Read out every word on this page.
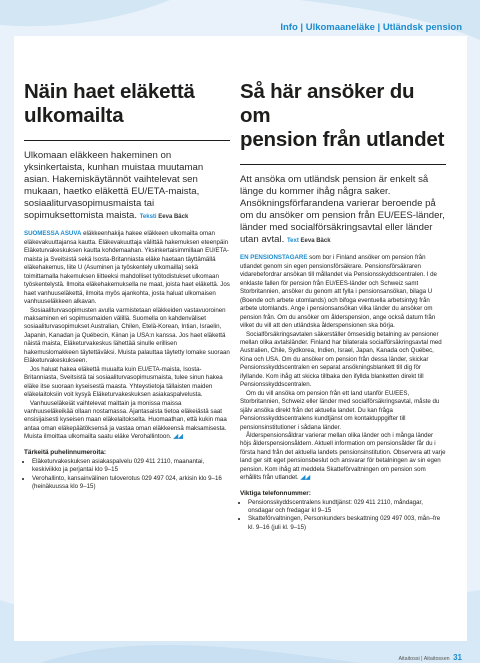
Info | Ulkomaaneläke | Utländsk pension
Näin haet eläkettä
ulkomailta

Ulkomaan eläkkeen hakeminen on yksinkertaista, kunhan muistaa muutaman asian. Hakemiskäytännöt vaihtelevat sen mukaan, haetko eläkettä EU/ETA-maista, sosiaaliturvasopimusmaista tai sopimuksettomista maista. Teksti Eeva Bäck

SUOMESSA ASUVA eläkkeenhakija hakee eläkkeen ulkomailta oman eläkevakuuttajansa kautta. Eläkevakuuttaja välittää hakemuksen eteenpäin Eläketurvakeskuksen kautta kohdemaahan. Yksinkertaisimmillaan EU/ETA-maista ja Sveitsistä sekä Isosta-Britanniasta eläke haetaan täyttämällä eläkehakemus, liite U (Asuminen ja työskentely ulkomailla) sekä toimittamalla hakemuksen liitteeksi mahdolliset työtodistukset ulkomaan työskentelystä. Ilmoita eläkehakemuksella ne maat, joista haet eläkettä. Jos haet vanhuuseläkettä, ilmoita myös ajankohta, josta haluat ulkomaisen vanhuuseläkkeen alkavan.

Sosiaaliturvasopimusten avulla varmistetaan eläkkeiden vastavuoroinen maksaminen eri sopimusmaiden välillä. Suomella on kahdenväliset sosiaaliturvasopimukset Australian, Chilen, Etelä-Korean, Intian, Israelin, Japanin, Kanadan ja Québecin, Kiinan ja USA:n kanssa. Jos haet eläkettä näistä maista, Eläketurvakeskus lähettää sinulle erillisen hakemuslomakkeen täytettäväksi. Muista palauttaa täytetty lomake suoraan Eläketurvakeskukseen.

Jos haluat hakea eläkettä muualta kuin EU/ETA-maista, Isosta-Britanniasta, Sveitsistä tai sosiaaliturvasopimusmaista, tulee sinun hakea eläke itse suoraan kyseisestä maasta. Yhteystietoja tällaisten maiden eläkelaitoksiin voit kysyä Eläketurvakeskuksen asiakaspalvelusta.

Vanhuuseläkeiät vaihtelevat maittain ja monissa maissa vanhuuseläkeikää ollaan nostamassa. Ajantasaista tietoa eläkeiästä saat ensisijaisesti kyseisen maan eläkelaitokselta. Huomaathan, että kukin maa antaa oman eläkepäätöksensä ja vastaa oman eläkkeensä maksamisesta. Muista ilmoittaa ulkomailta saatu eläke Verohallintoon. ◢◢

Tärkeitä puhelinnumeroita:
• Eläketurvakeskuksen asiakaspalvelu 029 411 2110, maanantai, keskiviikko ja perjantai klo 9–15
• Verohallinto, kansainvälinen tuloverotus 029 497 024, arkisin klo 9–16 (heinäkuussa klo 9–15)
Så här ansöker du om
pension från utlandet

Att ansöka om utländsk pension är enkelt så länge du kommer ihåg några saker. Ansökningsförfarandena varierar beroende på om du ansöker om pension från EU/EES-länder, länder med socialförsäkringsavtal eller länder utan avtal. Text Eeva Bäck

EN PENSIONSTAGARE som bor i Finland ansöker om pension från utlandet genom sin egen pensionsförsäkrare. Pensionsförsäkraren vidarebefordrar ansökan till mållandet via Pensionsskyddscentralen. I de enklaste fallen för pension från EU/EES-länder och Schweiz samt Storbritannien, ansöker du genom att fylla i pensionsansökan, bilaga U (Boende och arbete utomlands) och bifoga eventuella arbetsintyg från arbete utomlands. Ange i pensionsansökan vilka länder du ansöker om pension från. Om du ansöker om ålderspension, ange också datum från vilket du vill att den utländska ålderspensionen ska börja.

Socialförsäkringsavtalen säkerställer ömsesidig betalning av pensioner mellan olika avtalsländer. Finland har bilaterala socialförsäkringsavtal med Australien, Chile, Sydkorea, Indien, Israel, Japan, Kanada och Québec, Kina och USA. Om du ansöker om pension från dessa länder, skickar Pensionsskyddscentralen en separat ansökningsblankett till dig för ifyllande. Kom ihåg att skicka tillbaka den ifyllda blanketten direkt till Pensionsskyddscentralen.

Om du vill ansöka om pension från ett land utanför EU/EES, Storbritannien, Schweiz eller länder med socialförsäkringsavtal, måste du själv ansöka direkt från det aktuella landet. Du kan fråga Pensionsskyddscentralens kundtjänst om kontaktuppgifter till pensionsinstitutioner i sådana länder.

Ålderspensionsåldrar varierar mellan olika länder och i många länder höjs ålderspensionsåldern. Aktuell information om pensionsålder får du i första hand från det aktuella landets pensionsinstitution. Observera att varje land ger sitt eget pensionsbeslut och ansvarar för betalningen av sin egen pension. Kom ihåg att meddela Skatteförvaltningen om pension som erhållits från utlandet. ◢◢

Viktiga telefonnummer:
• Pensionsskyddscentralens kundtjänst: 029 411 2110, måndagar, onsdagar och fredagar kl 9–15
• Skatteförvaltningen, Personkunders beskattning 029 497 003, mån–fre kl. 9–16 (juli kl. 9–15)
Aitaitossi | Aitaitossen 31
